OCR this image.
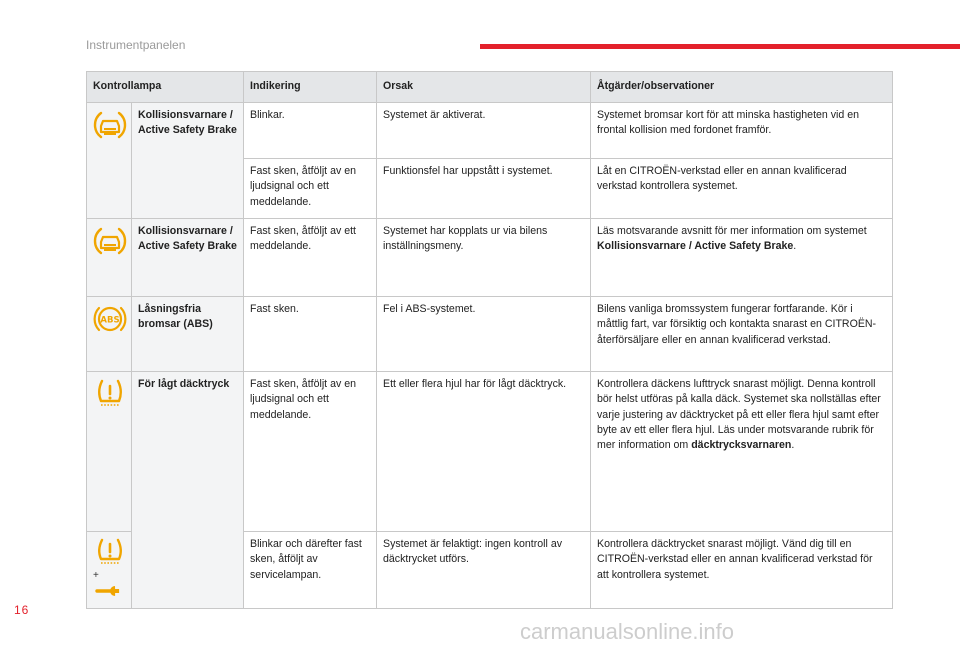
Instrumentpanelen
Kontrollampa		Indikering	Orsak	Åtgärder/observationer

	Kollisionsvarnare / Active Safety Brake	Blinkar.	Systemet är aktiverat.	Systemet bromsar kort för att minska hastigheten vid en frontal kollision med fordonet framför.
		Fast sken, åtföljt av en ljudsignal och ett meddelande.	Funktionsfel har uppstått i systemet.	Låt en CITROËN-verkstad eller en annan kvalificerad verkstad kontrollera systemet.

	Kollisionsvarnare / Active Safety Brake	Fast sken, åtföljt av ett meddelande.	Systemet har kopplats ur via bilens inställningsmeny.	Läs motsvarande avsnitt för mer information om systemet Kollisionsvarnare / Active Safety Brake.

ABS	Låsningsfria bromsar (ABS)	Fast sken.	Fel i ABS-systemet.	Bilens vanliga bromssystem fungerar fortfarande. Kör i måttlig fart, var försiktig och kontakta snarast en CITROËN-återförsäljare eller en annan kvalificerad verkstad.

	För lågt däcktryck	Fast sken, åtföljt av en ljudsignal och ett meddelande.	Ett eller flera hjul har för lågt däcktryck.	Kontrollera däckens lufttryck snarast möjligt. Denna kontroll bör helst utföras på kalla däck. Systemet ska nollställas efter varje justering av däcktrycket på ett eller flera hjul samt efter byte av ett eller flera hjul. Läs under motsvarande rubrik för mer information om däcktrycksvarnaren.

+		Blinkar och därefter fast sken, åtföljt av servicelampan.	Systemet är felaktigt: ingen kontroll av däcktrycket utförs.	Kontrollera däcktrycket snarast möjligt. Vänd dig till en CITROËN-verkstad eller en annan kvalificerad verkstad för att kontrollera systemet.
16
carmanualsonline.info
